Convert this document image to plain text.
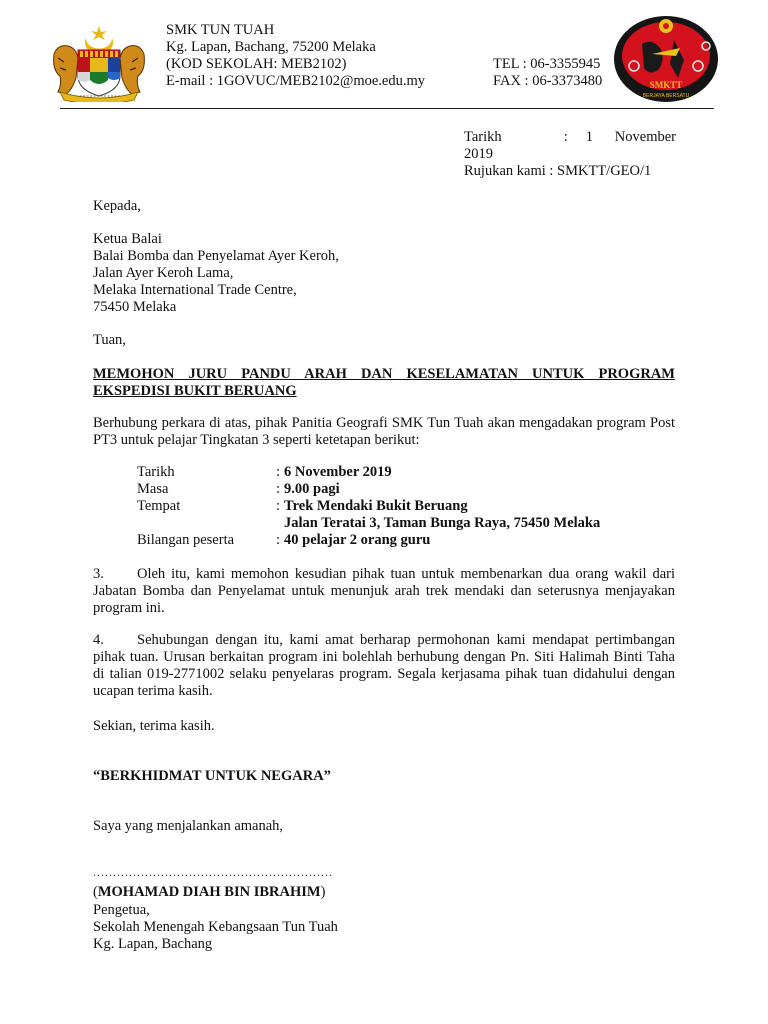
SMK TUN TUAH
Kg. Lapan, Bachang, 75200 Melaka
(KOD SEKOLAH: MEB2102)
E-mail : 1GOVUC/MEB2102@moe.edu.my
TEL : 06-3355945
FAX : 06-3373480	SMKTT
BERJAYA BERSATU
Tarikh	: 1      November
2019
Rujukan kami : SMKTT/GEO/1
Kepada,
Ketua Balai
Balai Bomba dan Penyelamat Ayer Keroh,
Jalan Ayer Keroh Lama,
Melaka International Trade Centre,
75450 Melaka
Tuan,
MEMOHON JURU PANDU ARAH DAN KESELAMATAN UNTUK PROGRAM
EKSPEDISI BUKIT BERUANG
Berhubung perkara di atas, pihak Panitia Geografi SMK Tun Tuah akan mengadakan program Post PT3 untuk pelajar Tingkatan 3 seperti ketetapan berikut:
Tarikh	:	6 November 2019
Masa	:	9.00 pagi
Tempat	:	Trek Mendaki Bukit Beruang
		Jalan Teratai 3, Taman Bunga Raya, 75450 Melaka
Bilangan peserta	:	40 pelajar 2 orang guru
3. Oleh itu, kami memohon kesudian pihak tuan untuk membenarkan dua orang wakil dari Jabatan Bomba dan Penyelamat untuk menunjuk arah trek mendaki dan seterusnya menjayakan program ini.
4. Sehubungan dengan itu, kami amat berharap permohonan kami mendapat pertimbangan pihak tuan. Urusan berkaitan program ini bolehlah berhubung dengan Pn. Siti Halimah Binti Taha di talian 019-2771002 selaku penyelaras program. Segala kerjasama pihak tuan didahului dengan ucapan terima kasih.
Sekian, terima kasih.
“BERKHIDMAT UNTUK NEGARA”
Saya yang menjalankan amanah,
............................................................
(MOHAMAD DIAH BIN IBRAHIM)
Pengetua,
Sekolah Menengah Kebangsaan Tun Tuah
Kg. Lapan, Bachang
